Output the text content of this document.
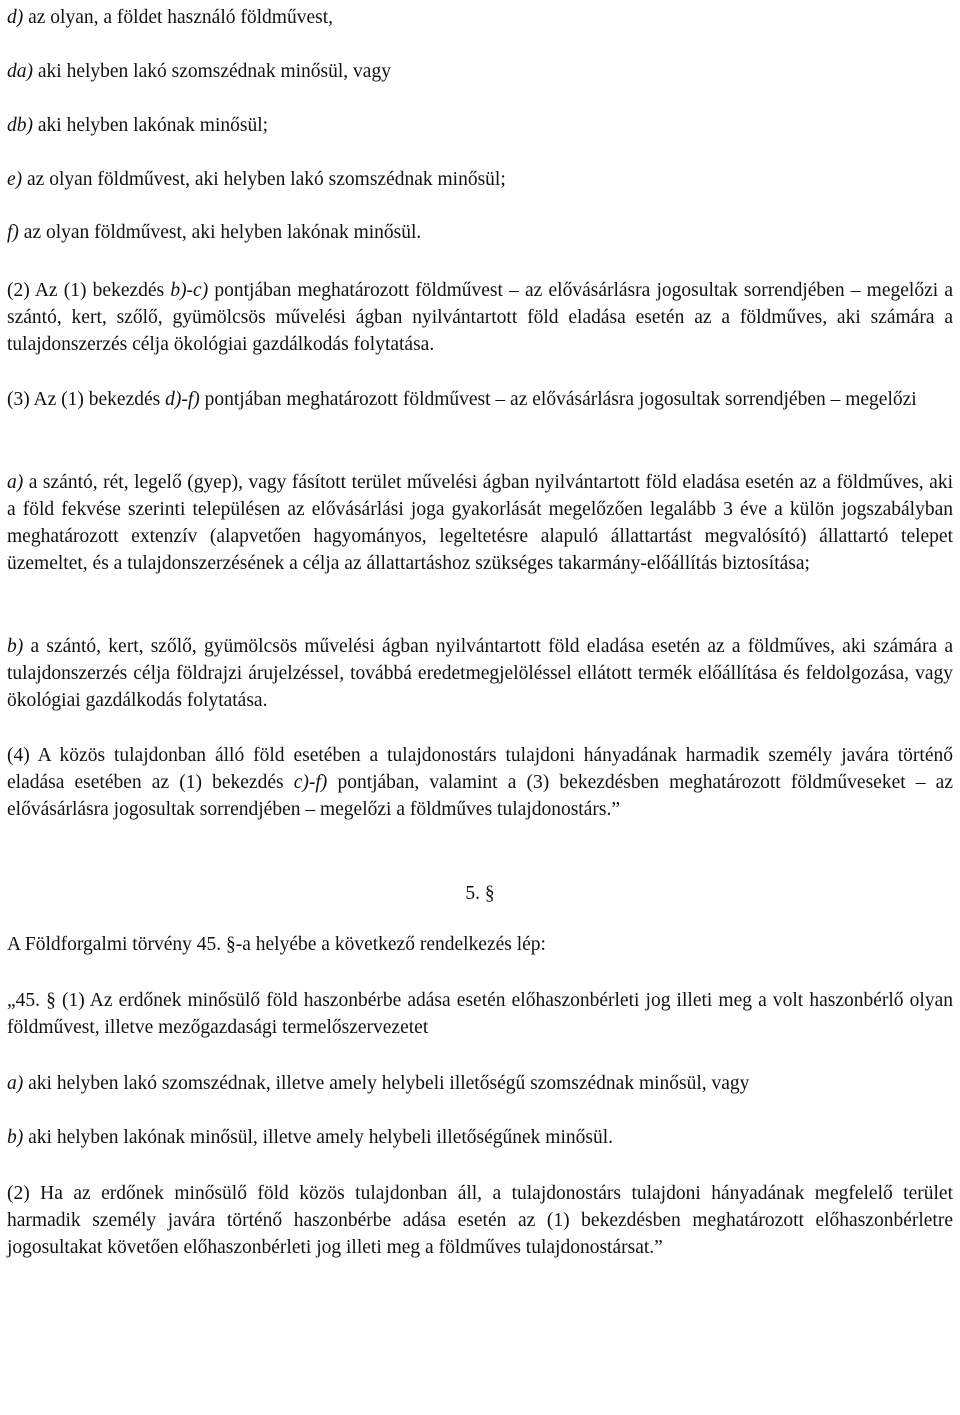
d) az olyan, a földet használó földművest,

da) aki helyben lakó szomszédnak minősül, vagy

db) aki helyben lakónak minősül;

e) az olyan földművest, aki helyben lakó szomszédnak minősül;

f) az olyan földművest, aki helyben lakónak minősül.

(2) Az (1) bekezdés b)-c) pontjában meghatározott földművest – az elővásárlásra jogosultak sorrendjében – megelőzi a szántó, kert, szőlő, gyümölcsös művelési ágban nyilvántartott föld eladása esetén az a földműves, aki számára a tulajdonszerzés célja ökológiai gazdálkodás folytatása.

(3) Az (1) bekezdés d)-f) pontjában meghatározott földművest – az elővásárlásra jogosultak sorrendjében – megelőzi

a) a szántó, rét, legelő (gyep), vagy fásított terület művelési ágban nyilvántartott föld eladása esetén az a földműves, aki a föld fekvése szerinti településen az elővásárlási joga gyakorlását megelőzően legalább 3 éve a külön jogszabályban meghatározott extenzív (alapvetően hagyományos, legeltetésre alapuló állattartást megvalósító) állattartó telepet üzemeltet, és a tulajdonszerzésének a célja az állattartáshoz szükséges takarmány-előállítás biztosítása;

b) a szántó, kert, szőlő, gyümölcsös művelési ágban nyilvántartott föld eladása esetén az a földműves, aki számára a tulajdonszerzés célja földrajzi árujelzéssel, továbbá eredetmegjelöléssel ellátott termék előállítása és feldolgozása, vagy ökológiai gazdálkodás folytatása.

(4) A közös tulajdonban álló föld esetében a tulajdonostárs tulajdoni hányadának harmadik személy javára történő eladása esetében az (1) bekezdés c)-f) pontjában, valamint a (3) bekezdésben meghatározott földműveseket – az elővásárlásra jogosultak sorrendjében – megelőzi a földműves tulajdonostárs.”

5. §

A Földforgalmi törvény 45. §-a helyébe a következő rendelkezés lép:

„45. § (1) Az erdőnek minősülő föld haszonbérbe adása esetén előhaszonbérleti jog illeti meg a volt haszonbérlő olyan földművest, illetve mezőgazdasági termelőszervezetet

a) aki helyben lakó szomszédnak, illetve amely helybeli illetőségű szomszédnak minősül, vagy

b) aki helyben lakónak minősül, illetve amely helybeli illetőségűnek minősül.

(2) Ha az erdőnek minősülő föld közös tulajdonban áll, a tulajdonostárs tulajdoni hányadának megfelelő terület harmadik személy javára történő haszonbérbe adása esetén az (1) bekezdésben meghatározott előhaszonbérletre jogosultakat követően előhaszonbérleti jog illeti meg a földműves tulajdonostársat.”
